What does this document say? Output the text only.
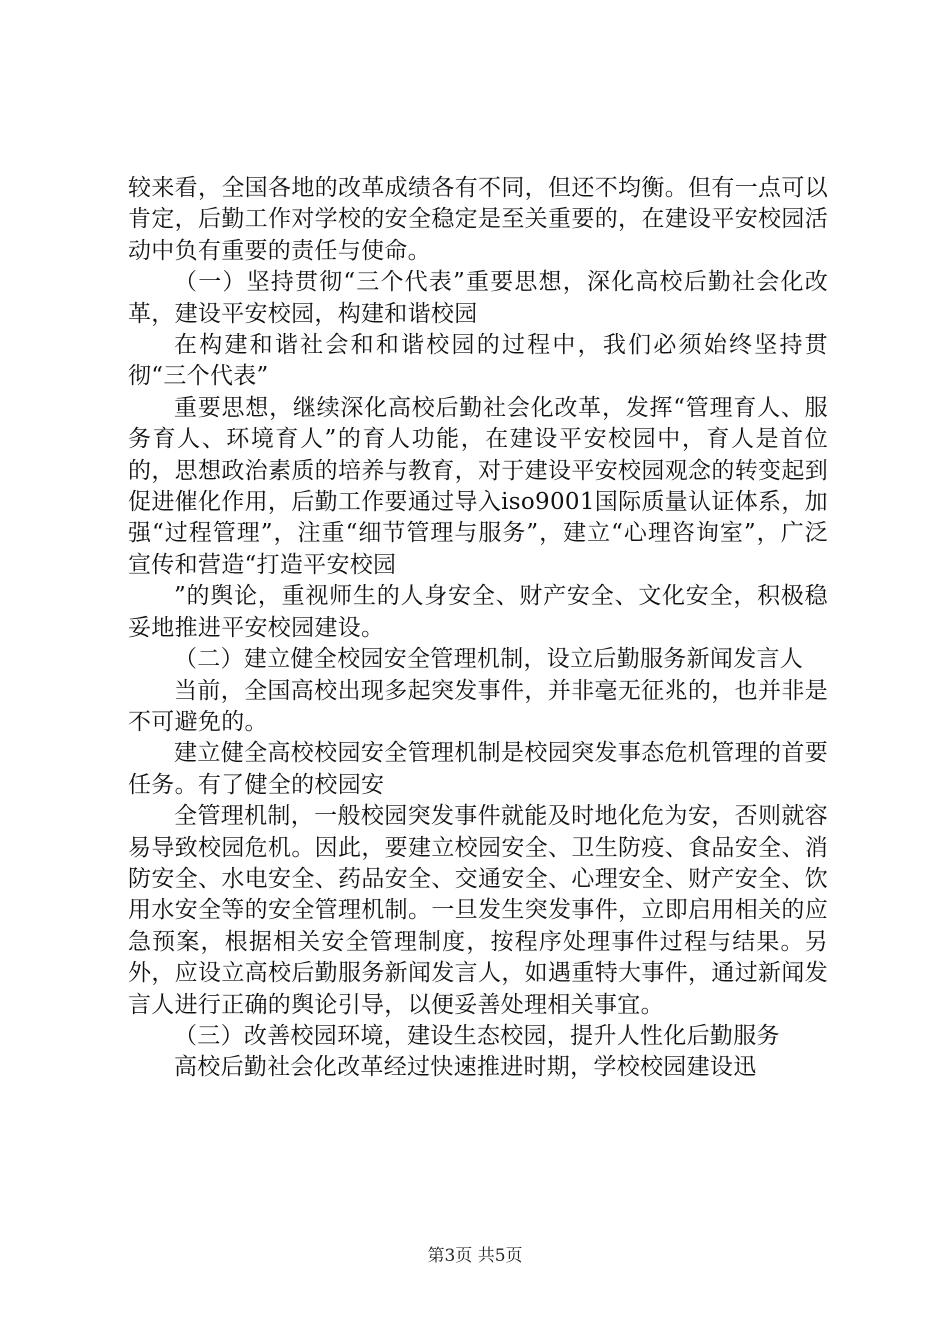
较来看，全国各地的改革成绩各有不同，但还不均衡。但有一点可以肯定，后勤工作对学校的安全稳定是至关重要的，在建设平安校园活动中负有重要的责任与使命。

（一）坚持贯彻“三个代表”重要思想，深化高校后勤社会化改革，建设平安校园，构建和谐校园

在构建和谐社会和和谐校园的过程中，我们必须始终坚持贯彻“三个代表”

重要思想，继续深化高校后勤社会化改革，发挥“管理育人、服务育人、环境育人”的育人功能，在建设平安校园中，育人是首位的，思想政治素质的培养与教育，对于建设平安校园观念的转变起到促进催化作用，后勤工作要通过导入iso9001国际质量认证体系，加强“过程管理”，注重“细节管理与服务”，建立“心理咨询室”，广泛宣传和营造“打造平安校园

”的舆论，重视师生的人身安全、财产安全、文化安全，积极稳妥地推进平安校园建设。

（二）建立健全校园安全管理机制，设立后勤服务新闻发言人

当前，全国高校出现多起突发事件，并非毫无征兆的，也并非是不可避免的。

建立健全高校校园安全管理机制是校园突发事态危机管理的首要任务。有了健全的校园安

全管理机制，一般校园突发事件就能及时地化危为安，否则就容易导致校园危机。因此，要建立校园安全、卫生防疫、食品安全、消防安全、水电安全、药品安全、交通安全、心理安全、财产安全、饮用水安全等的安全管理机制。一旦发生突发事件，立即启用相关的应急预案，根据相关安全管理制度，按程序处理事件过程与结果。另外，应设立高校后勤服务新闻发言人，如遇重特大事件，通过新闻发言人进行正确的舆论引导，以便妥善处理相关事宜。

（三）改善校园环境，建设生态校园，提升人性化后勤服务

高校后勤社会化改革经过快速推进时期，学校校园建设迅

第3页 共5页
